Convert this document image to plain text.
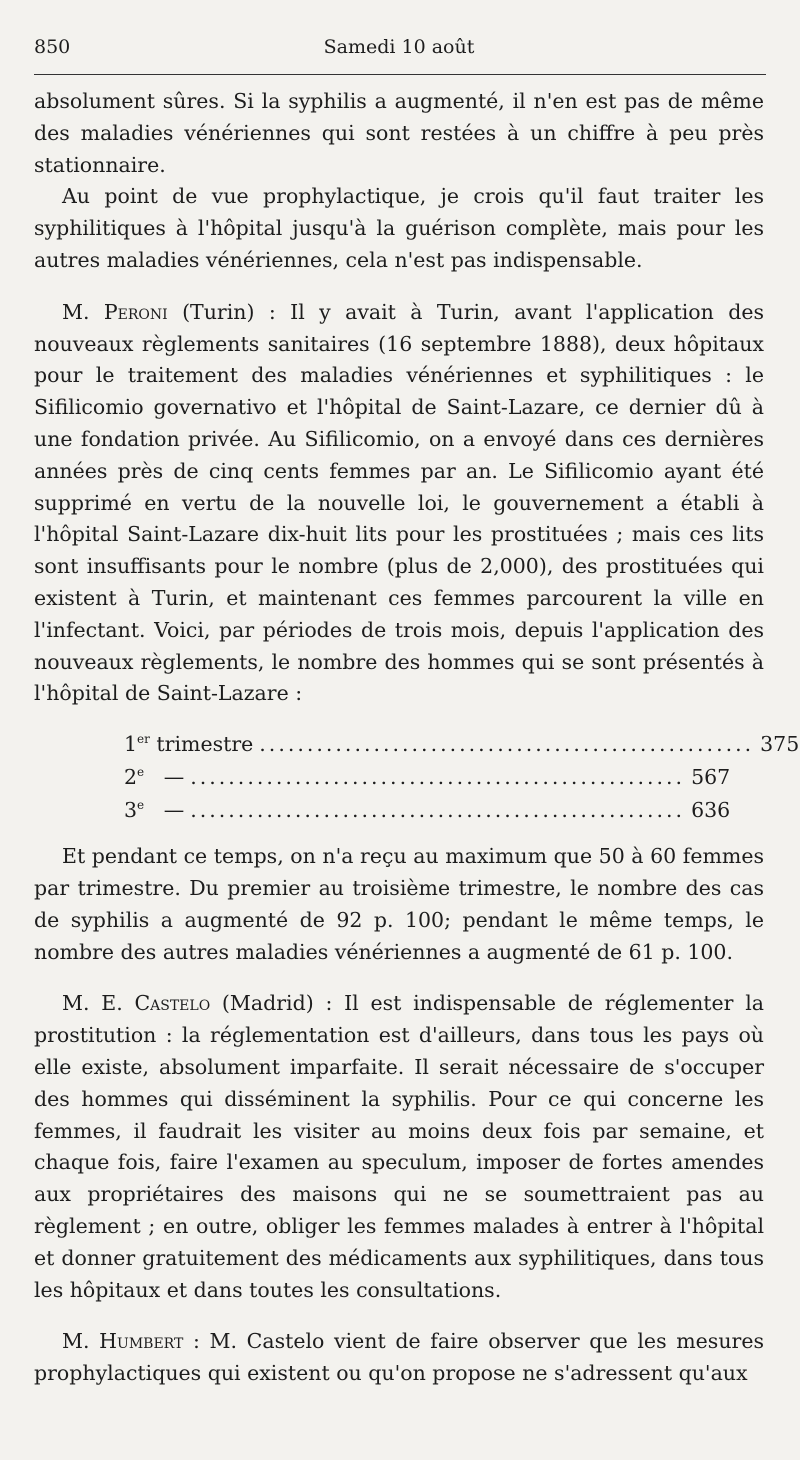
850	Samedi 10 août

absolument sûres. Si la syphilis a augmenté, il n'en est pas de même des maladies vénériennes qui sont restées à un chiffre à peu près stationnaire.

Au point de vue prophylactique, je crois qu'il faut traiter les syphilitiques à l'hôpital jusqu'à la guérison complète, mais pour les autres maladies vénériennes, cela n'est pas indispensable.

M. Peroni (Turin) : Il y avait à Turin, avant l'application des nouveaux règlements sanitaires (16 septembre 1888), deux hôpitaux pour le traitement des maladies vénériennes et syphilitiques : le Sifilicomio governativo et l'hôpital de Saint-Lazare, ce dernier dû à une fondation privée. Au Sifilicomio, on a envoyé dans ces dernières années près de cinq cents femmes par an. Le Sifilicomio ayant été supprimé en vertu de la nouvelle loi, le gouvernement a établi à l'hôpital Saint-Lazare dix-huit lits pour les prostituées ; mais ces lits sont insuffisants pour le nombre (plus de 2,000), des prostituées qui existent à Turin, et maintenant ces femmes parcourent la ville en l'infectant. Voici, par périodes de trois mois, depuis l'application des nouveaux règlements, le nombre des hommes qui se sont présentés à l'hôpital de Saint-Lazare :

1er trimestre .................................................... 375
2e — .................................................... 567
3e — .................................................... 636

Et pendant ce temps, on n'a reçu au maximum que 50 à 60 femmes par trimestre. Du premier au troisième trimestre, le nombre des cas de syphilis a augmenté de 92 p. 100; pendant le même temps, le nombre des autres maladies vénériennes a augmenté de 61 p. 100.

M. E. Castelo (Madrid) : Il est indispensable de réglementer la prostitution : la réglementation est d'ailleurs, dans tous les pays où elle existe, absolument imparfaite. Il serait nécessaire de s'occuper des hommes qui disséminent la syphilis. Pour ce qui concerne les femmes, il faudrait les visiter au moins deux fois par semaine, et chaque fois, faire l'examen au speculum, imposer de fortes amendes aux propriétaires des maisons qui ne se soumettraient pas au règlement ; en outre, obliger les femmes malades à entrer à l'hôpital et donner gratuitement des médicaments aux syphilitiques, dans tous les hôpitaux et dans toutes les consultations.

M. Humbert : M. Castelo vient de faire observer que les mesures prophylactiques qui existent ou qu'on propose ne s'adressent qu'aux
